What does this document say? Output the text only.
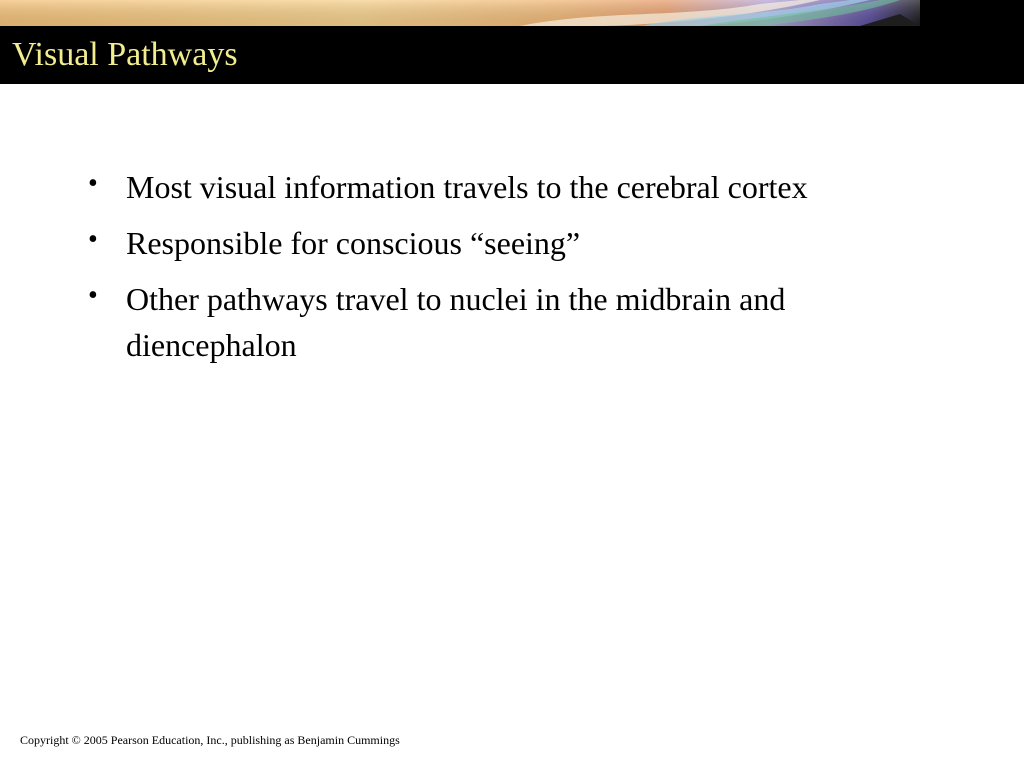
Visual Pathways
• Most visual information travels to the cerebral cortex
• Responsible for conscious “seeing”
• Other pathways travel to nuclei in the midbrain and diencephalon
Copyright © 2005 Pearson Education, Inc., publishing as Benjamin Cummings
